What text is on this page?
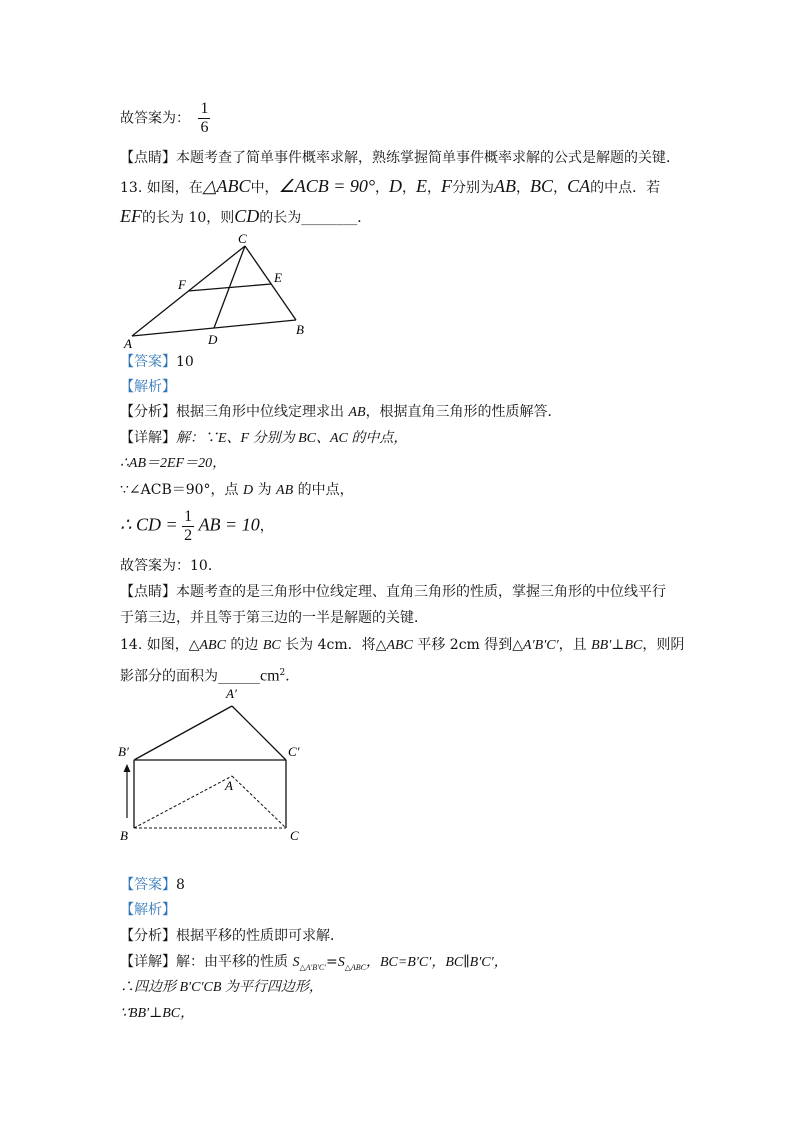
故答案为： $\frac{1}{6}$
【点睛】本题考查了简单事件概率求解，熟练掌握简单事件概率求解的公式是解题的关键．
13. 如图，在△ABC中，∠ACB = 90°，D，E，F分别为AB，BC，CA的中点．若
EF的长为 10，则CD的长为________．
C
E
F
A	D
B
【答案】10
【解析】
【分析】根据三角形中位线定理求出 AB，根据直角三角形的性质解答．
【详解】解：∵E、F 分别为 BC、AC 的中点，
∴AB＝2EF＝20，
∵∠ACB＝90°，点 D 为 AB 的中点，
∴ CD = $\frac{1}{2}$ AB = 10，
故答案为：10．
【点睛】本题考查的是三角形中位线定理、直角三角形的性质，掌握三角形的中位线平行
于第三边，并且等于第三边的一半是解题的关键．
14. 如图，△ABC 的边 BC 长为 4cm．将△ABC 平移 2cm 得到△A′B′C′，且 BB′⊥BC，则阴
影部分的面积为$\_\_\_\_\_\_cm^2$．
A′
B′	C′
A
B	C
【答案】8
【解析】
【分析】根据平移的性质即可求解．
【详解】解：由平移的性质 $S_{\triangle A'B'C'}=S_{\triangle ABC}$，BC=B′C′，BC∥B′C′，
∴四边形 B′C′CB 为平行四边形，
∵BB′⊥BC，
